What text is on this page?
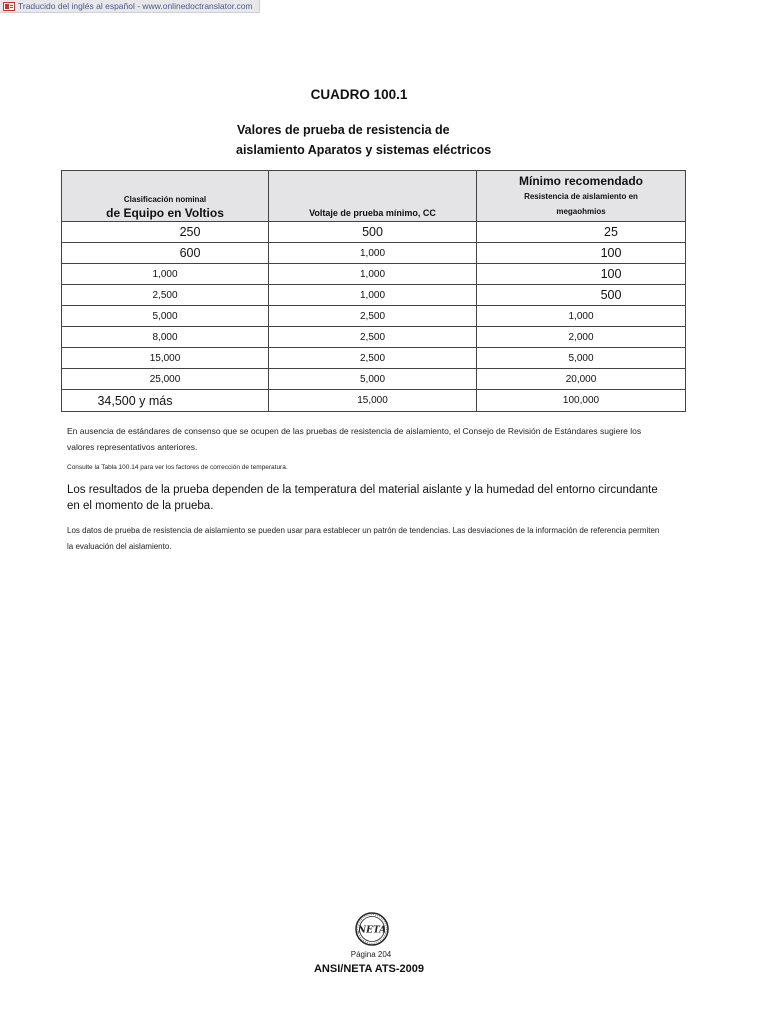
Traducido del inglés al español - www.onlinedoctranslator.com
CUADRO 100.1
Valores de prueba de resistencia de
aislamiento Aparatos y sistemas eléctricos
Clasificación nominal
de Equipo en Voltios	Voltaje de prueba mínimo, CC	Mínimo recomendado
Resistencia de aislamiento en
megaohmios

250	500	25
600	1,000	100
1,000	1,000	100
2,500	1,000	500
5,000	2,500	1,000
8,000	2,500	2,000
15,000	2,500	5,000
25,000	5,000	20,000
34,500 y más	15,000	100,000
En ausencia de estándares de consenso que se ocupen de las pruebas de resistencia de aislamiento, el Consejo de Revisión de Estándares sugiere los valores representativos anteriores.
Consulte la Tabla 100.14 para ver los factores de corrección de temperatura.
Los resultados de la prueba dependen de la temperatura del material aislante y la humedad del entorno circundante en el momento de la prueba.
Los datos de prueba de resistencia de aislamiento se pueden usar para establecer un patrón de tendencias. Las desviaciones de la información de referencia permiten la evaluación del aislamiento.
NETA
Página 204
ANSI/NETA ATS-2009
